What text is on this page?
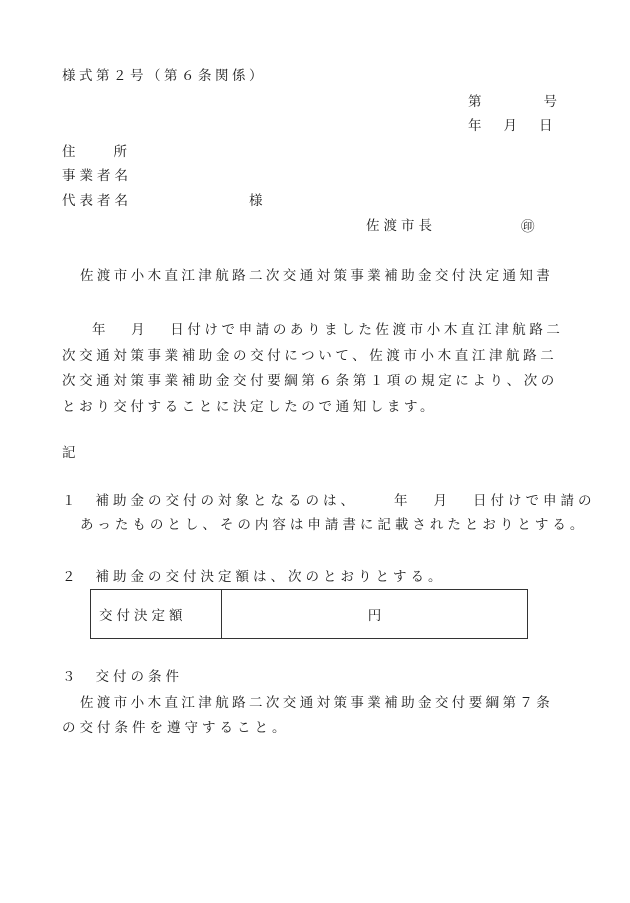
様式第２号（第６条関係）
第	号
年 月 日
住	所
事業者名
代表者名	様
佐渡市長	㊞
佐渡市小木直江津航路二次交通対策事業補助金交付決定通知書
年 月 日付けで申請のありました佐渡市小木直江津航路二次交通対策事業補助金の交付について、佐渡市小木直江津航路二次交通対策事業補助金交付要綱第６条第１項の規定により、次のとおり交付することに決定したので通知します。
記
１ 補助金の交付の対象となるのは、	年 月 日付けで申請の
あったものとし、その内容は申請書に記載されたとおりとする。
２ 補助金の交付決定額は、次のとおりとする。
交付決定額	円
３ 交付の条件
佐渡市小木直江津航路二次交通対策事業補助金交付要綱第７条
の交付条件を遵守すること。
